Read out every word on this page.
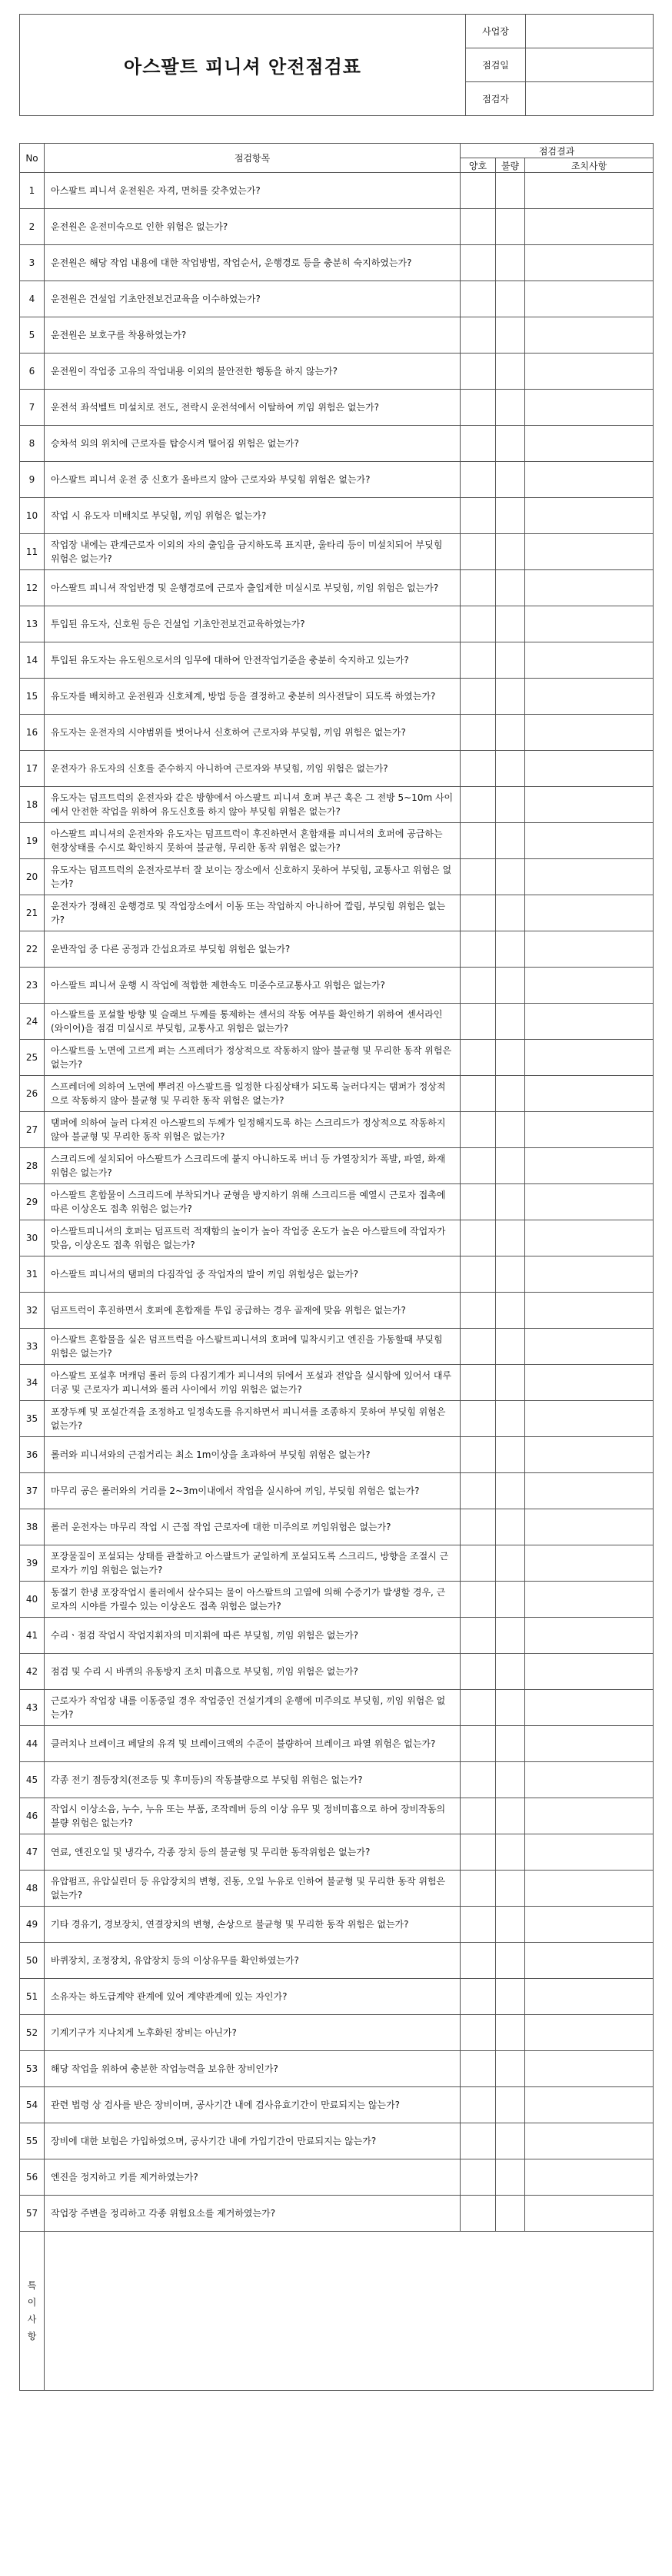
아스팔트 피니셔 안전점검표	사업장	
	점검일	
	점검자	
No	점검항목	점검결과		
		양호	불량	조치사항
1	아스팔트 피니셔 운전원은 자격, 면허를 갖추었는가?			
2	운전원은 운전미숙으로 인한 위험은 없는가?			
3	운전원은 해당 작업 내용에 대한 작업방법, 작업순서, 운행경로 등을 충분히 숙지하였는가?			
4	운전원은 건설업 기초안전보건교육을 이수하였는가?			
5	운전원은 보호구를 착용하였는가?			
6	운전원이 작업중 고유의 작업내용 이외의 불안전한 행동을 하지 않는가?			
7	운전석 좌석벨트 미설치로 전도, 전락시 운전석에서 이탈하여 끼임 위험은 없는가?			
8	승차석 외의 위치에 근로자를 탑승시켜 떨어짐 위험은 없는가?			
9	아스팔트 피니셔 운전 중 신호가 올바르지 않아 근로자와 부딪힘 위험은 없는가?			
10	작업 시 유도자 미배치로 부딪힘, 끼임 위험은 없는가?			
11	작업장 내에는 관계근로자 이외의 자의 출입을 금지하도록 표지판, 울타리 등이 미설치되어 부딪힘 위험은 없는가?			
12	아스팔트 피니셔 작업반경 및 운행경로에 근로자 출입제한 미실시로 부딪힘, 끼임 위험은 없는가?			
13	투입된 유도자, 신호원 등은 건설업 기초안전보건교육하였는가?			
14	투입된 유도자는 유도원으로서의 임무에 대하여 안전작업기준을 충분히 숙지하고 있는가?			
15	유도자를 배치하고 운전원과 신호체계, 방법 등을 결정하고 충분히 의사전달이 되도록 하였는가?			
16	유도자는 운전자의 시야범위를 벗어나서 신호하여 근로자와 부딪힘, 끼임 위험은 없는가?			
17	운전자가 유도자의 신호를 준수하지 아니하여 근로자와 부딪힘, 끼임 위험은 없는가?			
18	유도자는 덤프트럭의 운전자와 같은 방향에서 아스팔트 피니셔 호퍼 부근 혹은 그 전방 5~10m 사이에서 안전한 작업을 위하여 유도신호를 하지 않아 부딪힘 위험은 없는가?			
19	아스팔트 피니셔의 운전자와 유도자는 덤프트럭이 후진하면서 혼합재를 피니셔의 호퍼에 공급하는 현장상태를 수시로 확인하지 못하여 불균형, 무리한 동작 위험은 없는가?			
20	유도자는 덤프트럭의 운전자로부터 잘 보이는 장소에서 신호하지 못하여 부딪힘, 교통사고 위험은 없는가?			
21	운전자가 정해진 운행경로 및 작업장소에서 이동 또는 작업하지 아니하여 깔림, 부딪힘 위험은 없는가?			
22	운반작업 중 다른 공정과 간섭요과로 부딪힘 위험은 없는가?			
23	아스팔트 피니셔 운행 시 작업에 적합한 제한속도 미준수로교통사고 위험은 없는가?			
24	아스팔트를 포설할 방향 및 슬래브 두께를 통제하는 센서의 작동 여부를 확인하기 위하여 센서라인(와이어)을 점검 미실시로 부딪힘, 교통사고 위험은 없는가?			
25	아스팔트를 노면에 고르게 펴는 스프레더가 정상적으로 작동하지 않아 불균형 및 무리한 동작 위험은 없는가?			
26	스프레더에 의하여 노면에 뿌려진 아스팔트를 일정한 다짐상태가 되도록 눌러다지는 탬퍼가 정상적으로 작동하지 않아 불균형 및 무리한 동작 위험은 없는가?			
27	탬퍼에 의하여 눌러 다져진 아스팔트의 두께가 일정해지도록 하는 스크리드가 정상적으로 작동하지 않아 불균형 및 무리한 동작 위험은 없는가?			
28	스크리드에 설치되어 아스팔트가 스크리드에 붙지 아니하도록 버너 등 가열장치가 폭발, 파열, 화재 위험은 없는가?			
29	아스팔트 혼합물이 스크리드에 부착되거나 균형을 방지하기 위해 스크리드를 예열시 근로자 접촉에 따른 이상온도 접촉 위험은 없는가?			
30	아스팔트피니셔의 호퍼는 덤프트럭 적재함의 높이가 높아 작업중 온도가 높은 아스팔트에 작업자가 맞음, 이상온도 접촉 위험은 없는가?			
31	아스팔트 피니셔의 탬퍼의 다짐작업 중 작업자의 발이 끼임 위험성은 없는가?			
32	덤프트럭이 후진하면서 호퍼에 혼합재를 투입 공급하는 경우 골재에 맞음 위험은 없는가?			
33	아스팔트 혼합물을 실은 덤프트럭을 아스팔트피니셔의 호퍼에 밀착시키고 엔진을 가동할때 부딪힘 위험은 없는가?			
34	아스팔트 포설후 머캐덤 롤러 등의 다짐기계가 피니셔의 뒤에서 포설과 전압을 실시함에 있어서 대루더공 및 근로자가 피니셔와 롤러 사이에서 끼임 위험은 없는가?			
35	포장두께 및 포설간격을 조정하고 일정속도를 유지하면서 피니셔를 조종하지 못하여 부딪힘 위험은 없는가?			
36	롤러와 피니셔와의 근접거리는 최소 1m이상을 초과하여 부딪힘 위험은 없는가?			
37	마무리 공은 롤러와의 거리를 2~3m이내에서 작업을 실시하여 끼임, 부딪힘 위험은 없는가?			
38	롤러 운전자는 마무리 작업 시 근접 작업 근로자에 대한 미주의로 끼임위험은 없는가?			
39	포장물질이 포설되는 상태를 관찰하고 아스팔트가 균일하게 포설되도록 스크리드, 방향을 조절시 근로자가 끼임 위험은 없는가?			
40	동절기 한냉 포장작업시 롤러에서 살수되는 물이 아스팔트의 고열에 의해 수증기가 발생할 경우, 근로자의 시야를 가릴수 있는 이상온도 접촉 위험은 없는가?			
41	수리ㆍ점검 작업시 작업지휘자의 미지휘에 따른 부딪힘, 끼임 위험은 없는가?			
42	점검 및 수리 시 바퀴의 유동방지 조치 미흡으로 부딪힘, 끼임 위험은 없는가?			
43	근로자가 작업장 내를 이동중일 경우 작업중인 건설기계의 운행에 미주의로 부딪힘, 끼임 위험은 없는가?			
44	클러치나 브레이크 페달의 유격 및 브레이크액의 수준이 불량하여 브레이크 파열 위험은 없는가?			
45	각종 전기 점등장치(전조등 및 후미등)의 작동불량으로 부딪힘 위험은 없는가?			
46	작업시 이상소음, 누수, 누유 또는 부품, 조작레버 등의 이상 유무 및 정비미흡으로 하여 장비작동의 불량 위험은 없는가?			
47	연료, 엔진오일 및 냉각수, 각종 장치 등의 불균형 및 무리한 동작위험은 없는가?			
48	유압펌프, 유압실린더 등 유압장치의 변형, 진동, 오일 누유로 인하여 불균형 및 무리한 동작 위험은 없는가?			
49	기타 경유기, 경보장치, 연결장치의 변형, 손상으로 불균형 및 무리한 동작 위험은 없는가?			
50	바퀴장치, 조정장치, 유압장치 등의 이상유무를 확인하였는가?			
51	소유자는 하도급계약 관계에 있어 계약관계에 있는 자인가?			
52	기계기구가 지나치게 노후화된 장비는 아닌가?			
53	해당 작업을 위하여 충분한 작업능력을 보유한 장비인가?			
54	관련 법령 상 검사를 받은 장비이며, 공사기간 내에 검사유효기간이 만료되지는 않는가?			
55	장비에 대한 보험은 가입하였으며, 공사기간 내에 가입기간이 만료되지는 않는가?			
56	엔진을 정지하고 키를 제거하였는가?			
57	작업장 주변을 정리하고 각종 위험요소를 제거하였는가?			

특
이
사
항				
